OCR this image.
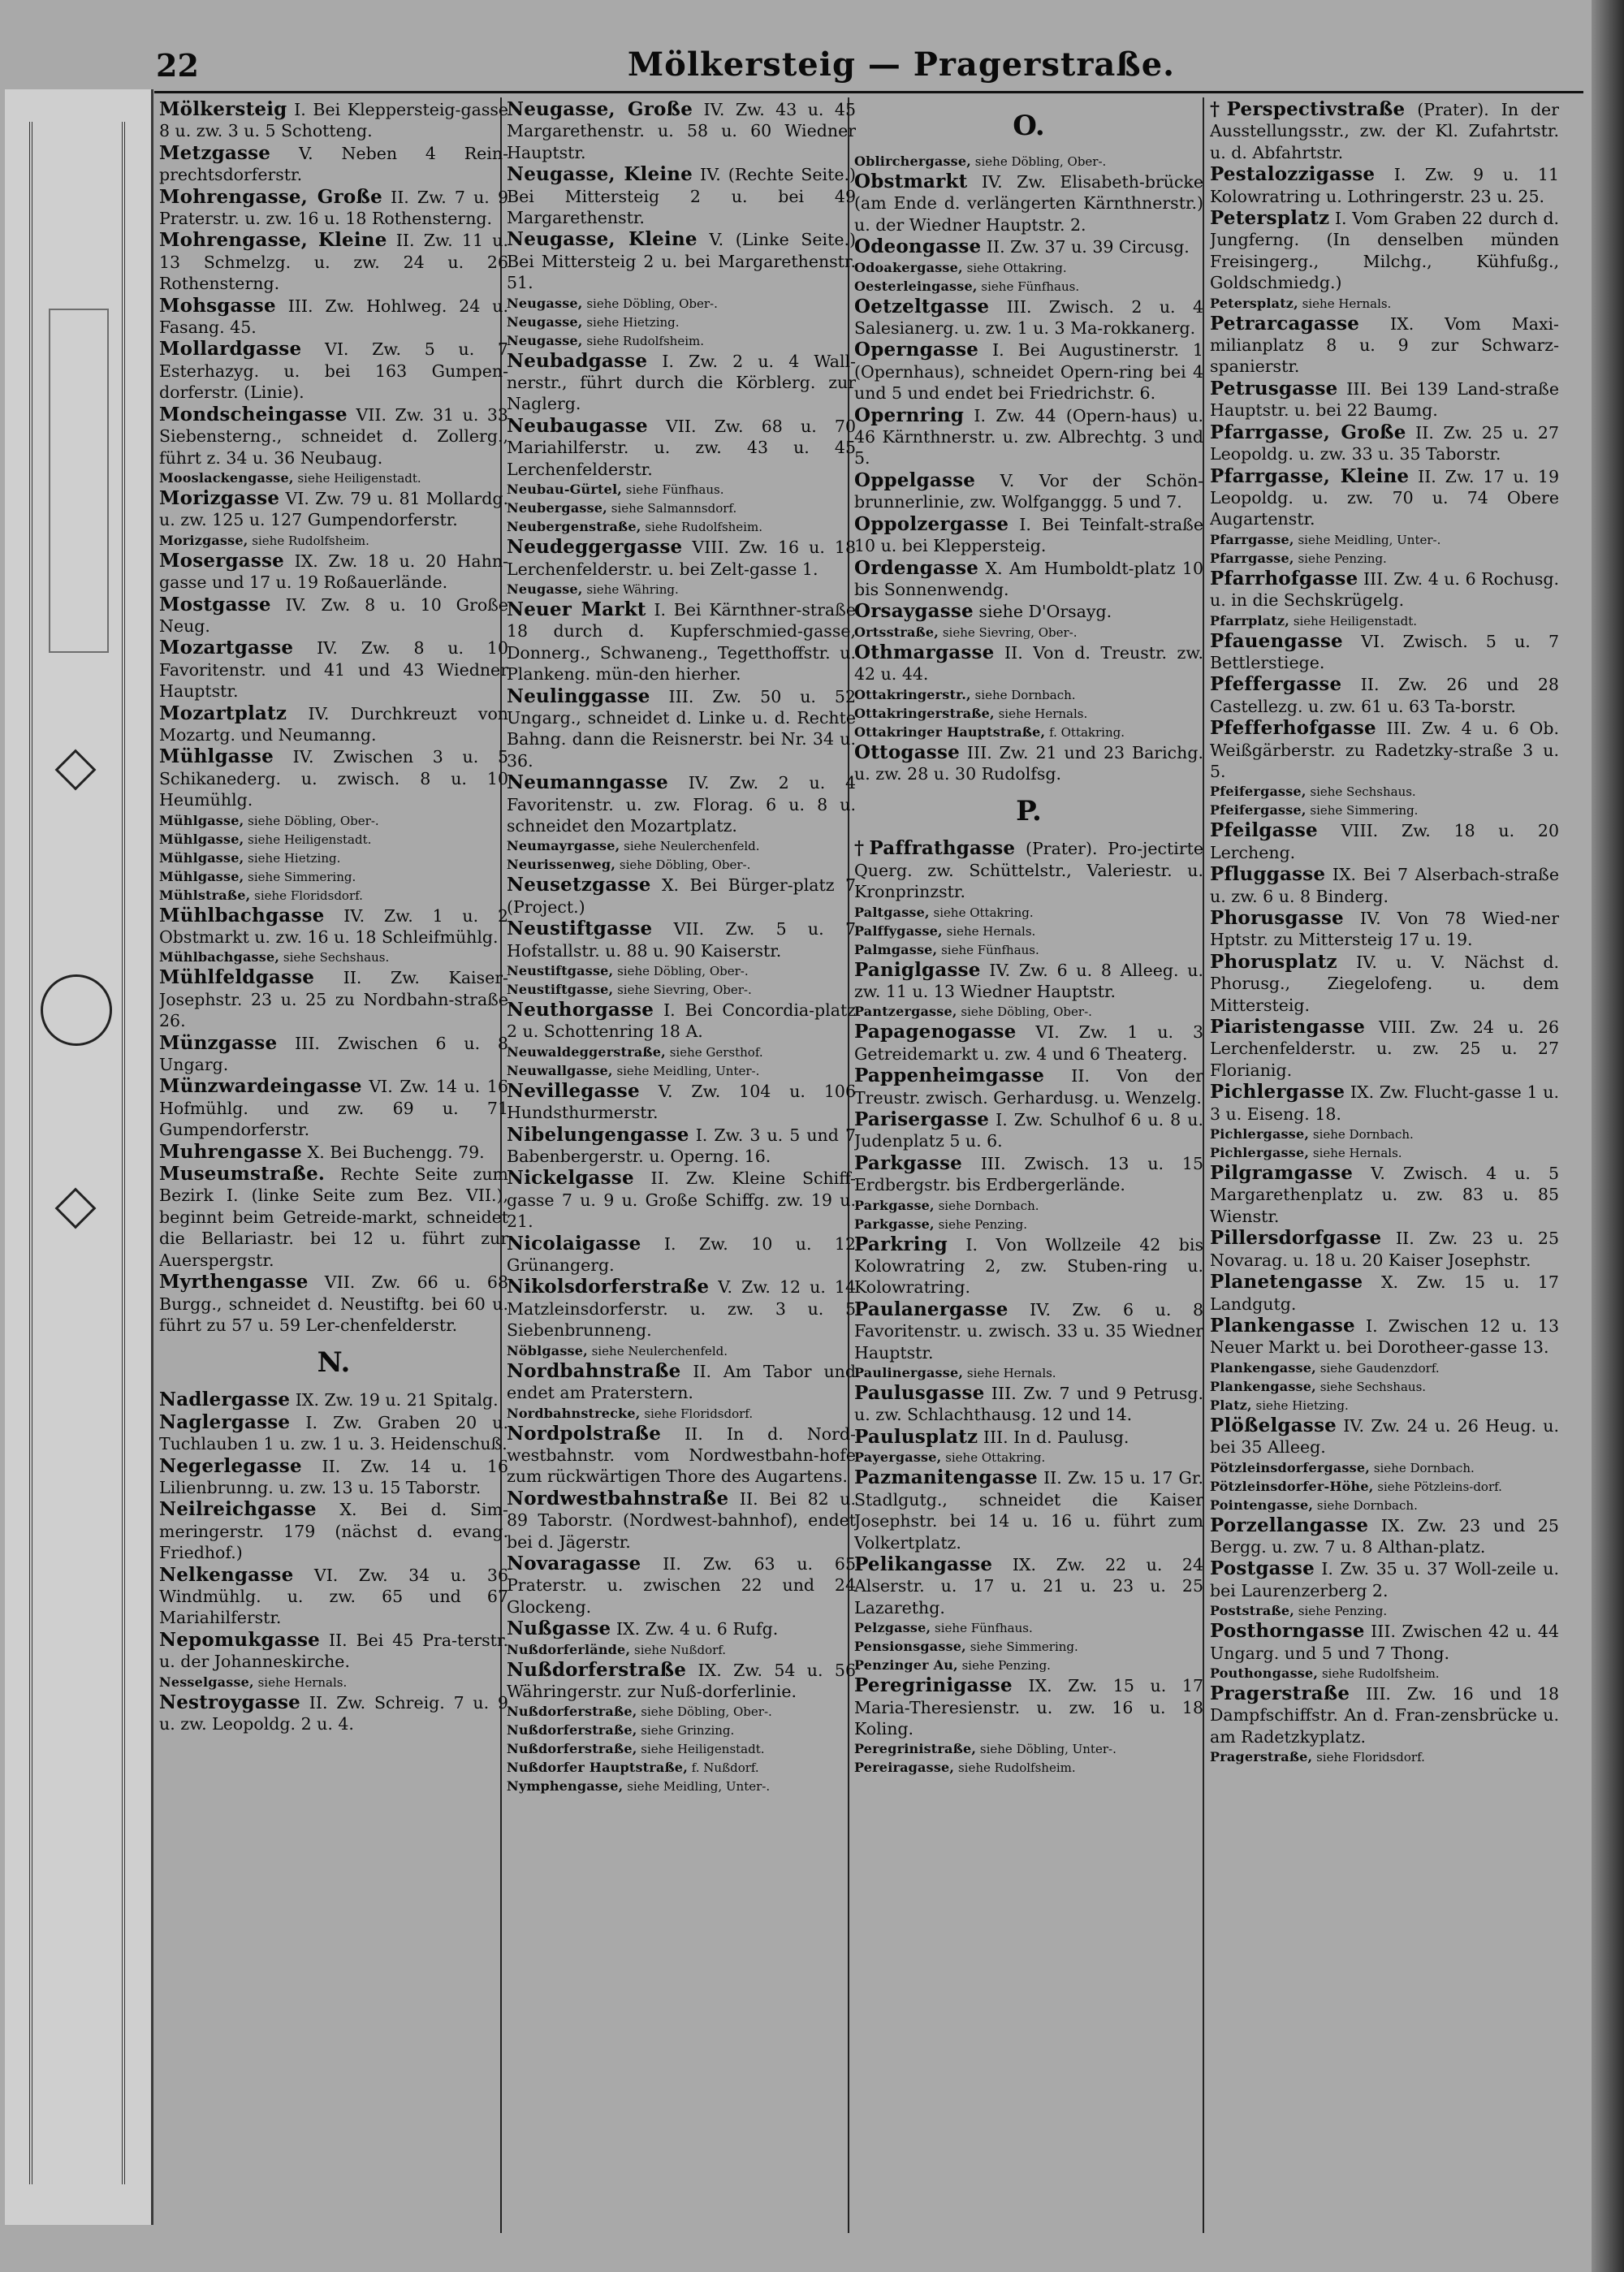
22	Mölkersteig — Pragerstraße.
Mölkersteig I. Bei Kleppersteig-gasse 8 u. zw. 3 u. 5 Schotteng.
Metzgasse V. Neben 4 Rein-prechtsdorferstr.
Mohrengasse, Große II. Zw. 7 u. 9 Praterstr. u. zw. 16 u. 18 Rothensterng.
Mohrengasse, Kleine II. Zw. 11 u. 13 Schmelzg. u. zw. 24 u. 26 Rothensterng.
Mohsgasse III. Zw. Hohlweg. 24 u. Fasang. 45.
Mollardgasse VI. Zw. 5 u. 7 Esterhazyg. u. bei 163 Gumpen-dorferstr. (Linie).
Mondscheingasse VII. Zw. 31 u. 33 Siebensterng., schneidet d. Zollerg., führt z. 34 u. 36 Neubaug.
Mooslackengasse, siehe Heiligenstadt.
Morizgasse VI. Zw. 79 u. 81 Mollardg. u. zw. 125 u. 127 Gumpendorferstr.
Morizgasse, siehe Rudolfsheim.
Mosergasse IX. Zw. 18 u. 20 Hahn-gasse und 17 u. 19 Roßauerlände.
Mostgasse IV. Zw. 8 u. 10 Große Neug.
Mozartgasse IV. Zw. 8 u. 10 Favoritenstr. und 41 und 43 Wiedner Hauptstr.
Mozartplatz IV. Durchkreuzt von Mozartg. und Neumanng.
Mühlgasse IV. Zwischen 3 u. 5 Schikanederg. u. zwisch. 8 u. 10 Heumühlg.
Mühlgasse, siehe Döbling, Ober-.
Mühlgasse, siehe Heiligenstadt.
Mühlgasse, siehe Hietzing.
Mühlgasse, siehe Simmering.
Mühlstraße, siehe Floridsdorf.
Mühlbachgasse IV. Zw. 1 u. 2 Obstmarkt u. zw. 16 u. 18 Schleifmühlg.
Mühlbachgasse, siehe Sechshaus.
Mühlfeldgasse II. Zw. Kaiser-Josephstr. 23 u. 25 zu Nordbahn-straße 26.
Münzgasse III. Zwischen 6 u. 8 Ungarg.
Münzwardeingasse VI. Zw. 14 u. 16 Hofmühlg. und zw. 69 u. 71 Gumpendorferstr.
Muhrengasse X. Bei Buchengg. 79.
Museumstraße. Rechte Seite zum Bezirk I. (linke Seite zum Bez. VII.), beginnt beim Getreide-markt, schneidet die Bellariastr. bei 12 u. führt zur Auerspergstr.
Myrthengasse VII. Zw. 66 u. 68 Burgg., schneidet d. Neustiftg. bei 60 u. führt zu 57 u. 59 Ler-chenfelderstr.
N.
Nadlergasse IX. Zw. 19 u. 21 Spitalg.
Naglergasse I. Zw. Graben 20 u. Tuchlauben 1 u. zw. 1 u. 3. Heidenschuß.
Negerlegasse II. Zw. 14 u. 16 Lilienbrunng. u. zw. 13 u. 15 Taborstr.
Neilreichgasse X. Bei d. Sim-meringerstr. 179 (nächst d. evang. Friedhof.)
Nelkengasse VI. Zw. 34 u. 36 Windmühlg. u. zw. 65 und 67 Mariahilferstr.
Nepomukgasse II. Bei 45 Pra-terstr. u. der Johanneskirche.
Nesselgasse, siehe Hernals.
Nestroygasse II. Zw. Schreig. 7 u. 9 u. zw. Leopoldg. 2 u. 4.
Neugasse, Große IV. Zw. 43 u. 45 Margarethenstr. u. 58 u. 60 Wiedner Hauptstr.
Neugasse, Kleine IV. (Rechte Seite.) Bei Mittersteig 2 u. bei 49 Margarethenstr.
Neugasse, Kleine V. (Linke Seite.) Bei Mittersteig 2 u. bei Margarethenstr. 51.
Neugasse, siehe Döbling, Ober-.
Neugasse, siehe Hietzing.
Neugasse, siehe Rudolfsheim.
Neubadgasse I. Zw. 2 u. 4 Wall-nerstr., führt durch die Körblerg. zur Naglerg.
Neubaugasse VII. Zw. 68 u. 70 Mariahilferstr. u. zw. 43 u. 45 Lerchenfelderstr.
Neubau-Gürtel, siehe Fünfhaus.
Neubergasse, siehe Salmannsdorf.
Neubergenstraße, siehe Rudolfsheim.
Neudeggergasse VIII. Zw. 16 u. 18 Lerchenfelderstr. u. bei Zelt-gasse 1.
Neugasse, siehe Währing.
Neuer Markt I. Bei Kärnthner-straße 18 durch d. Kupferschmied-gasse, Donnerg., Schwaneng., Tegetthoffstr. u. Plankeng. mün-den hierher.
Neulinggasse III. Zw. 50 u. 52 Ungarg., schneidet d. Linke u. d. Rechte Bahng. dann die Reisnerstr. bei Nr. 34 u. 36.
Neumanngasse IV. Zw. 2 u. 4 Favoritenstr. u. zw. Florag. 6 u. 8 u. schneidet den Mozartplatz.
Neumayrgasse, siehe Neulerchenfeld.
Neurissenweg, siehe Döbling, Ober-.
Neusetzgasse X. Bei Bürger-platz 7 (Project.)
Neustiftgasse VII. Zw. 5 u. 7 Hofstallstr. u. 88 u. 90 Kaiserstr.
Neustiftgasse, siehe Döbling, Ober-.
Neustiftgasse, siehe Sievring, Ober-.
Neuthorgasse I. Bei Concordia-platz 2 u. Schottenring 18 A.
Neuwaldeggerstraße, siehe Gersthof.
Neuwallgasse, siehe Meidling, Unter-.
Nevillegasse V. Zw. 104 u. 106 Hundsthurmerstr.
Nibelungengasse I. Zw. 3 u. 5 und 7 Babenbergerstr. u. Operng. 16.
Nickelgasse II. Zw. Kleine Schiff-gasse 7 u. 9 u. Große Schiffg. zw. 19 u. 21.
Nicolaigasse I. Zw. 10 u. 12 Grünangerg.
Nikolsdorferstraße V. Zw. 12 u. 14 Matzleinsdorferstr. u. zw. 3 u. 5 Siebenbrunneng.
Nöblgasse, siehe Neulerchenfeld.
Nordbahnstraße II. Am Tabor und endet am Praterstern.
Nordbahnstrecke, siehe Floridsdorf.
Nordpolstraße II. In d. Nord-westbahnstr. vom Nordwestbahn-hofe zum rückwärtigen Thore des Augartens.
Nordwestbahnstraße II. Bei 82 u. 89 Taborstr. (Nordwest-bahnhof), endet bei d. Jägerstr.
Novaragasse II. Zw. 63 u. 65 Praterstr. u. zwischen 22 und 24 Glockeng.
Nußgasse IX. Zw. 4 u. 6 Rufg.
Nußdorferlände, siehe Nußdorf.
Nußdorferstraße IX. Zw. 54 u. 56 Währingerstr. zur Nuß-dorferlinie.
Nußdorferstraße, siehe Döbling, Ober-.
Nußdorferstraße, siehe Grinzing.
Nußdorferstraße, siehe Heiligenstadt.
Nußdorfer Hauptstraße, f. Nußdorf.
Nymphengasse, siehe Meidling, Unter-.
O.
Oblirchergasse, siehe Döbling, Ober-.
Obstmarkt IV. Zw. Elisabeth-brücke (am Ende d. verlängerten Kärnthnerstr.) u. der Wiedner Hauptstr. 2.
Odeongasse II. Zw. 37 u. 39 Circusg.
Odoakergasse, siehe Ottakring.
Oesterleingasse, siehe Fünfhaus.
Oetzeltgasse III. Zwisch. 2 u. 4 Salesianerg. u. zw. 1 u. 3 Ma-rokkanerg.
Operngasse I. Bei Augustinerstr. 1 (Opernhaus), schneidet Opern-ring bei 4 und 5 und endet bei Friedrichstr. 6.
Opernring I. Zw. 44 (Opern-haus) u. 46 Kärnthnerstr. u. zw. Albrechtg. 3 und 5.
Oppelgasse V. Vor der Schön-brunnerlinie, zw. Wolfganggg. 5 und 7.
Oppolzergasse I. Bei Teinfalt-straße 10 u. bei Kleppersteig.
Ordengasse X. Am Humboldt-platz 10 bis Sonnenwendg.
Orsaygasse siehe D'Orsayg.
Ortsstraße, siehe Sievring, Ober-.
Othmargasse II. Von d. Treustr. zw. 42 u. 44.
Ottakringerstr., siehe Dornbach.
Ottakringerstraße, siehe Hernals.
Ottakringer Hauptstraße, f. Ottakring.
Ottogasse III. Zw. 21 und 23 Barichg. u. zw. 28 u. 30 Rudolfsg.
P.
†Paffrathgasse (Prater). Pro-jectirte Querg. zw. Schüttelstr., Valeriestr. u. Kronprinzstr.
Paltgasse, siehe Ottakring.
Palffygasse, siehe Hernals.
Palmgasse, siehe Fünfhaus.
Paniglgasse IV. Zw. 6 u. 8 Alleeg. u. zw. 11 u. 13 Wiedner Hauptstr.
Pantzergasse, siehe Döbling, Ober-.
Papagenogasse VI. Zw. 1 u. 3 Getreidemarkt u. zw. 4 und 6 Theaterg.
Pappenheimgasse II. Von der Treustr. zwisch. Gerhardusg. u. Wenzelg.
Parisergasse I. Zw. Schulhof 6 u. 8 u. Judenplatz 5 u. 6.
Parkgasse III. Zwisch. 13 u. 15 Erdbergstr. bis Erdbergerlände.
Parkgasse, siehe Dornbach.
Parkgasse, siehe Penzing.
Parkring I. Von Wollzeile 42 bis Kolowratring 2, zw. Stuben-ring u. Kolowratring.
Paulanergasse IV. Zw. 6 u. 8 Favoritenstr. u. zwisch. 33 u. 35 Wiedner Hauptstr.
Paulinergasse, siehe Hernals.
Paulusgasse III. Zw. 7 und 9 Petrusg. u. zw. Schlachthausg. 12 und 14.
Paulusplatz III. In d. Paulusg.
Payergasse, siehe Ottakring.
Pazmanitengasse II. Zw. 15 u. 17 Gr. Stadlgutg., schneidet die Kaiser Josephstr. bei 14 u. 16 u. führt zum Volkertplatz.
Pelikangasse IX. Zw. 22 u. 24 Alserstr. u. 17 u. 21 u. 23 u. 25 Lazarethg.
Pelzgasse, siehe Fünfhaus.
Pensionsgasse, siehe Simmering.
Penzinger Au, siehe Penzing.
Peregrinigasse IX. Zw. 15 u. 17 Maria-Theresienstr. u. zw. 16 u. 18 Koling.
Peregrinistraße, siehe Döbling, Unter-.
Pereiragasse, siehe Rudolfsheim.
†Perspectivstraße (Prater). In der Ausstellungsstr., zw. der Kl. Zufahrtstr. u. d. Abfahrtstr.
Pestalozzigasse I. Zw. 9 u. 11 Kolowratring u. Lothringerstr. 23 u. 25.
Petersplatz I. Vom Graben 22 durch d. Jungferng. (In denselben münden Freisingerg., Milchg., Kühfußg., Goldschmiedg.)
Petersplatz, siehe Hernals.
Petrarcagasse IX. Vom Maxi-milianplatz 8 u. 9 zur Schwarz-spanierstr.
Petrusgasse III. Bei 139 Land-straße Hauptstr. u. bei 22 Baumg.
Pfarrgasse, Große II. Zw. 25 u. 27 Leopoldg. u. zw. 33 u. 35 Taborstr.
Pfarrgasse, Kleine II. Zw. 17 u. 19 Leopoldg. u. zw. 70 u. 74 Obere Augartenstr.
Pfarrgasse, siehe Meidling, Unter-.
Pfarrgasse, siehe Penzing.
Pfarrhofgasse III. Zw. 4 u. 6 Rochusg. u. in die Sechskrügelg.
Pfarrplatz, siehe Heiligenstadt.
Pfauengasse VI. Zwisch. 5 u. 7 Bettlerstiege.
Pfeffergasse II. Zw. 26 und 28 Castellezg. u. zw. 61 u. 63 Ta-borstr.
Pfefferhofgasse III. Zw. 4 u. 6 Ob. Weißgärberstr. zu Radetzky-straße 3 u. 5.
Pfeifergasse, siehe Sechshaus.
Pfeifergasse, siehe Simmering.
Pfeilgasse VIII. Zw. 18 u. 20 Lercheng.
Pfluggasse IX. Bei 7 Alserbach-straße u. zw. 6 u. 8 Binderg.
Phorusgasse IV. Von 78 Wied-ner Hptstr. zu Mittersteig 17 u. 19.
Phorusplatz IV. u. V. Nächst d. Phorusg., Ziegelofeng. u. dem Mittersteig.
Piaristengasse VIII. Zw. 24 u. 26 Lerchenfelderstr. u. zw. 25 u. 27 Florianig.
Pichlergasse IX. Zw. Flucht-gasse 1 u. 3 u. Eiseng. 18.
Pichlergasse, siehe Dornbach.
Pichlergasse, siehe Hernals.
Pilgramgasse V. Zwisch. 4 u. 5 Margarethenplatz u. zw. 83 u. 85 Wienstr.
Pillersdorfgasse II. Zw. 23 u. 25 Novarag. u. 18 u. 20 Kaiser Josephstr.
Planetengasse X. Zw. 15 u. 17 Landgutg.
Plankengasse I. Zwischen 12 u. 13 Neuer Markt u. bei Dorotheer-gasse 13.
Plankengasse, siehe Gaudenzdorf.
Plankengasse, siehe Sechshaus.
Platz, siehe Hietzing.
Plößelgasse IV. Zw. 24 u. 26 Heug. u. bei 35 Alleeg.
Pötzleinsdorfergasse, siehe Dornbach.
Pötzleinsdorfer-Höhe, siehe Pötzleins-dorf.
Pointengasse, siehe Dornbach.
Porzellangasse IX. Zw. 23 und 25 Bergg. u. zw. 7 u. 8 Althan-platz.
Postgasse I. Zw. 35 u. 37 Woll-zeile u. bei Laurenzerberg 2.
Poststraße, siehe Penzing.
Posthorngasse III. Zwischen 42 u. 44 Ungarg. und 5 und 7 Thong.
Pouthongasse, siehe Rudolfsheim.
Pragerstraße III. Zw. 16 und 18 Dampfschiffstr. An d. Fran-zensbrücke u. am Radetzkyplatz.
Pragerstraße, siehe Floridsdorf.
